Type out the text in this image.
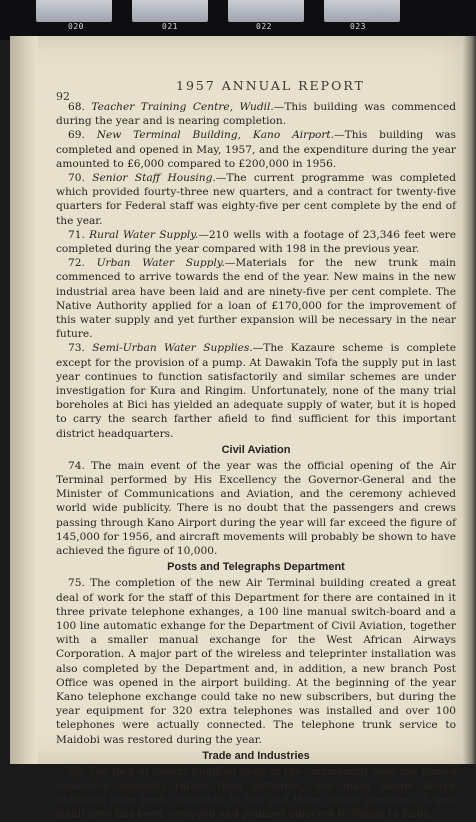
020	021	022	023
92
1957 ANNUAL REPORT

68. Teacher Training Centre, Wudil.—This building was commenced during the year and is nearing completion.

69. New Terminal Building, Kano Airport.—This building was completed and opened in May, 1957, and the expenditure during the year amounted to £6,000 compared to £200,000 in 1956.

70. Senior Staff Housing.—The current programme was completed which provided fourty-three new quarters, and a contract for twenty-five quarters for Federal staff was eighty-five per cent complete by the end of the year.

71. Rural Water Supply.—210 wells with a footage of 23,346 feet were completed during the year compared with 198 in the previous year.

72. Urban Water Supply.—Materials for the new trunk main commenced to arrive towards the end of the year. New mains in the new industrial area have been laid and are ninety-five per cent complete. The Native Authority applied for a loan of £170,000 for the improvement of this water supply and yet further expansion will be necessary in the near future.

73. Semi-Urban Water Supplies.—The Kazaure scheme is complete except for the provision of a pump. At Dawakin Tofa the supply put in last year continues to function satisfactorily and similar schemes are under investigation for Kura and Ringim. Unfortunately, none of the many trial boreholes at Bici has yielded an adequate supply of water, but it is hoped to carry the search farther afield to find sufficient for this important district headquarters.

Civil Aviation

74. The main event of the year was the official opening of the Air Terminal performed by His Excellency the Governor-General and the Minister of Communications and Aviation, and the ceremony achieved world wide publicity. There is no doubt that the passengers and crews passing through Kano Airport during the year will far exceed the figure of 145,000 for 1956, and aircraft movements will probably be shown to have achieved the figure of 10,000.

Posts and Telegraphs Department

75. The completion of the new Air Terminal building created a great deal of work for the staff of this Department for there are contained in it three private telephone exhanges, a 100 line manual switch-board and a 100 line automatic exhange for the Department of Civil Aviation, together with a smaller manual exchange for the West African Airways Corporation. A major part of the wireless and teleprinter installation was also completed by the Department and, in addition, a new branch Post Office was opened in the airport building. At the beginning of the year Kano telephone exchange could take no new subscribers, but during the year equipment for 320 extra telephones was installed and over 100 telephones were actually connected. The telephone trunk service to Maidobi was restored during the year.

Trade and Industries

76. The lack of vacant building plots in the commercial area has forced expansion upwards rather than outwards, and many single storey buildings have been converted to two and three storey premises. A new small area has been surveyed and planned adjacent to Fagge ta Kudu.
